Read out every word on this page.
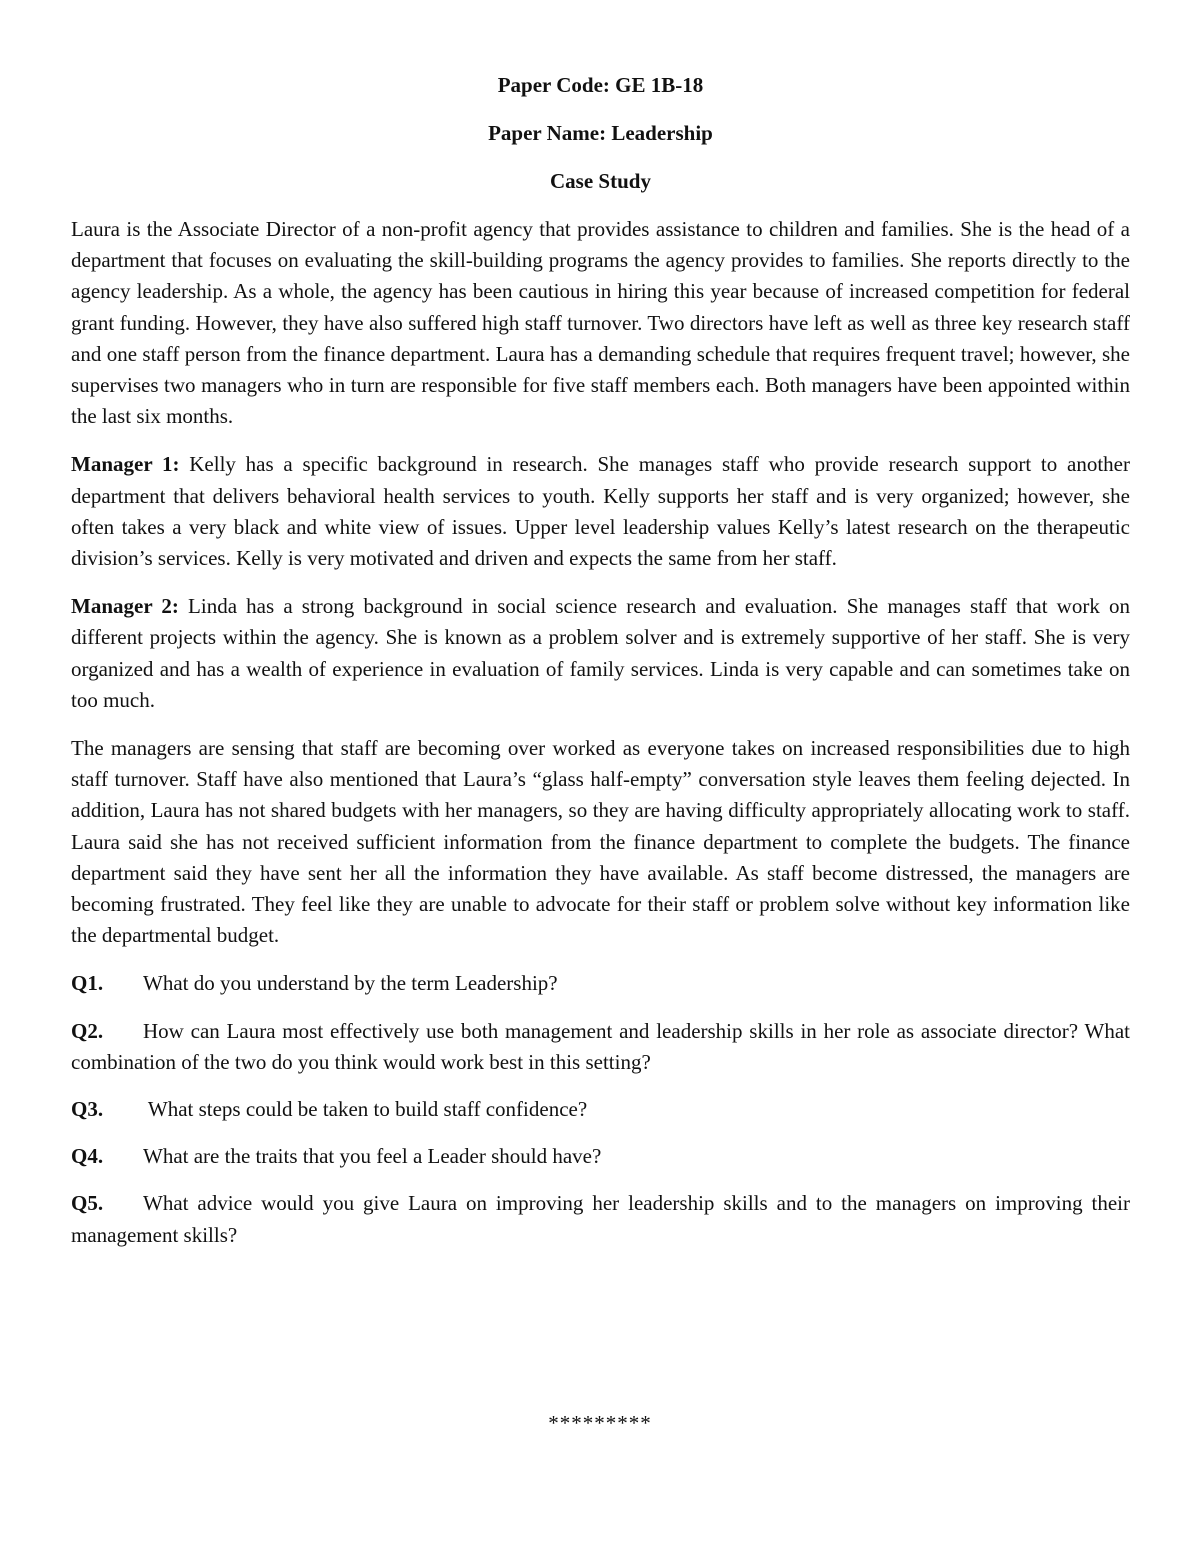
Paper Code: GE 1B-18
Paper Name: Leadership
Case Study

Laura is the Associate Director of a non-profit agency that provides assistance to children and families. She is the head of a department that focuses on evaluating the skill-building programs the agency provides to families. She reports directly to the agency leadership. As a whole, the agency has been cautious in hiring this year because of increased competition for federal grant funding. However, they have also suffered high staff turnover. Two directors have left as well as three key research staff and one staff person from the finance department. Laura has a demanding schedule that requires frequent travel; however, she supervises two managers who in turn are responsible for five staff members each. Both managers have been appointed within the last six months.

Manager 1: Kelly has a specific background in research. She manages staff who provide research support to another department that delivers behavioral health services to youth. Kelly supports her staff and is very organized; however, she often takes a very black and white view of issues. Upper level leadership values Kelly’s latest research on the therapeutic division’s services. Kelly is very motivated and driven and expects the same from her staff.

Manager 2: Linda has a strong background in social science research and evaluation. She manages staff that work on different projects within the agency. She is known as a problem solver and is extremely supportive of her staff. She is very organized and has a wealth of experience in evaluation of family services. Linda is very capable and can sometimes take on too much.

The managers are sensing that staff are becoming over worked as everyone takes on increased responsibilities due to high staff turnover. Staff have also mentioned that Laura’s “glass half-empty” conversation style leaves them feeling dejected. In addition, Laura has not shared budgets with her managers, so they are having difficulty appropriately allocating work to staff. Laura said she has not received sufficient information from the finance department to complete the budgets. The finance department said they have sent her all the information they have available. As staff become distressed, the managers are becoming frustrated. They feel like they are unable to advocate for their staff or problem solve without key information like the departmental budget.

Q1. What do you understand by the term Leadership?
Q2. How can Laura most effectively use both management and leadership skills in her role as associate director? What combination of the two do you think would work best in this setting?
Q3. What steps could be taken to build staff confidence?
Q4. What are the traits that you feel a Leader should have?
Q5. What advice would you give Laura on improving her leadership skills and to the managers on improving their management skills?
*********
